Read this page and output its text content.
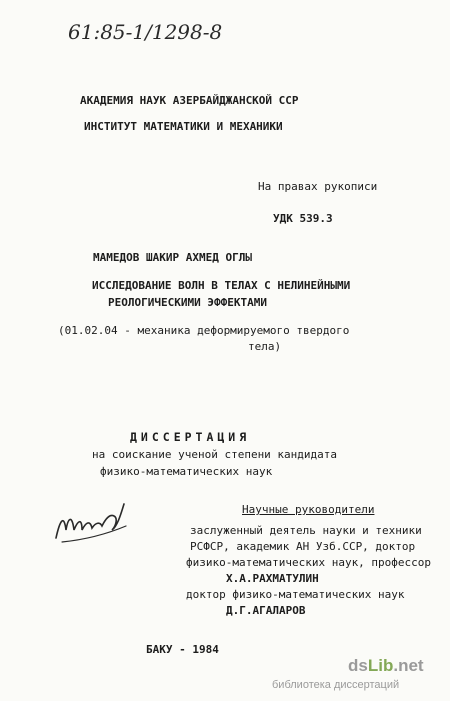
61:85-1/1298-8
АКАДЕМИЯ НАУК АЗЕРБАЙДЖАНСКОЙ ССР
ИНСТИТУТ МАТЕМАТИКИ И МЕХАНИКИ
На правах рукописи
УДК 539.3
МАМЕДОВ ШАКИР АХМЕД ОГЛЫ
ИССЛЕДОВАНИЕ ВОЛН В ТЕЛАХ С НЕЛИНЕЙНЫМИ
РЕОЛОГИЧЕСКИМИ ЭФФЕКТАМИ
(01.02.04 - механика деформируемого твердого
тела)
ДИССЕРТАЦИЯ
на соискание ученой степени кандидата
физико-математических наук
Научные руководители
заслуженный деятель науки и техники
РСФСР, академик АН Узб.ССР, доктор
физико-математических наук, профессор
Х.А.РАХМАТУЛИН
доктор физико-математических наук
Д.Г.АГАЛАРОВ
БАКУ - 1984
dsLib.net
библиотека диссертаций
